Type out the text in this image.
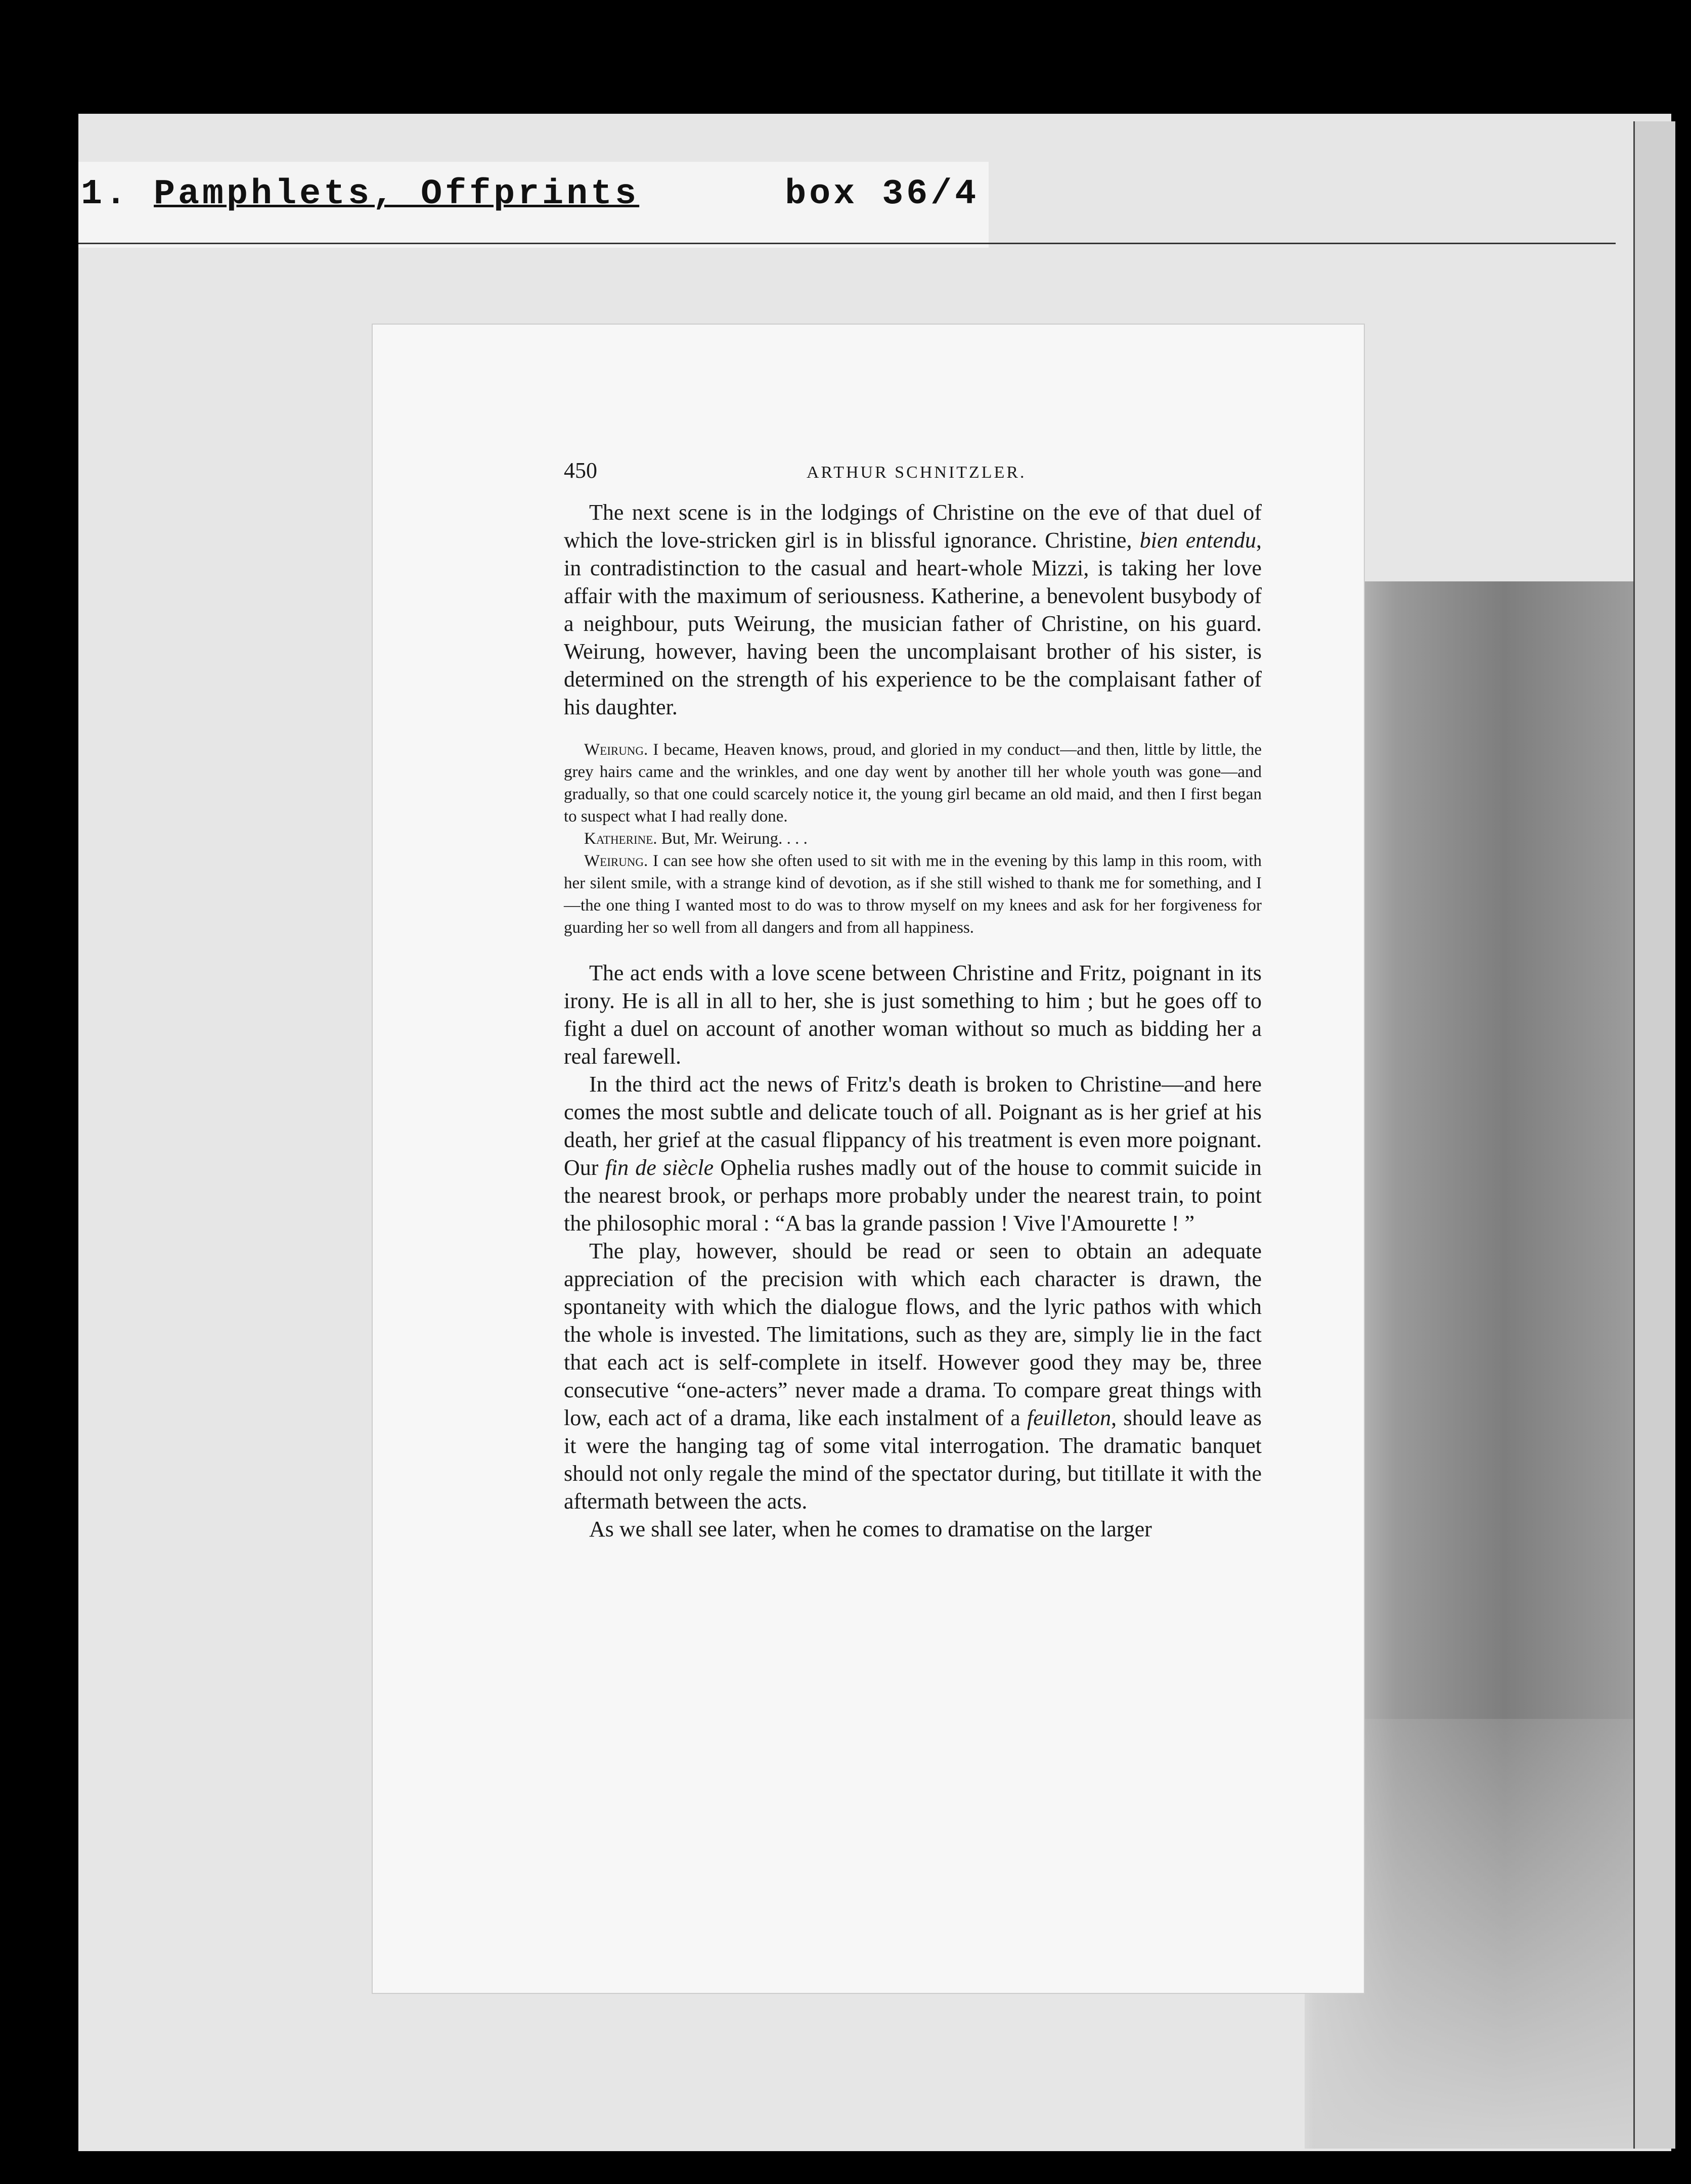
1. Pamphlets, Offprints	box 36/4
450	ARTHUR SCHNITZLER.

The next scene is in the lodgings of Christine on the eve of that duel of which the love-stricken girl is in blissful ignorance. Christine, bien entendu, in contradistinction to the casual and heart-whole Mizzi, is taking her love affair with the maximum of seriousness. Katherine, a benevolent busybody of a neighbour, puts Weirung, the musician father of Christine, on his guard. Weirung, however, having been the uncomplaisant brother of his sister, is determined on the strength of his experience to be the complaisant father of his daughter.

Weirung. I became, Heaven knows, proud, and gloried in my conduct—and then, little by little, the grey hairs came and the wrinkles, and one day went by another till her whole youth was gone—and gradually, so that one could scarcely notice it, the young girl became an old maid, and then I first began to suspect what I had really done.

Katherine. But, Mr. Weirung. . . .

Weirung. I can see how she often used to sit with me in the evening by this lamp in this room, with her silent smile, with a strange kind of devotion, as if she still wished to thank me for something, and I—the one thing I wanted most to do was to throw myself on my knees and ask for her forgiveness for guarding her so well from all dangers and from all happiness.

The act ends with a love scene between Christine and Fritz, poignant in its irony. He is all in all to her, she is just something to him ; but he goes off to fight a duel on account of another woman without so much as bidding her a real farewell.

In the third act the news of Fritz's death is broken to Christine—and here comes the most subtle and delicate touch of all. Poignant as is her grief at his death, her grief at the casual flippancy of his treatment is even more poignant. Our fin de siècle Ophelia rushes madly out of the house to commit suicide in the nearest brook, or perhaps more probably under the nearest train, to point the philosophic moral : “A bas la grande passion ! Vive l'Amourette ! ”

The play, however, should be read or seen to obtain an adequate appreciation of the precision with which each character is drawn, the spontaneity with which the dialogue flows, and the lyric pathos with which the whole is invested. The limitations, such as they are, simply lie in the fact that each act is self-complete in itself. However good they may be, three consecutive “one-acters” never made a drama. To compare great things with low, each act of a drama, like each instalment of a feuilleton, should leave as it were the hanging tag of some vital interrogation. The dramatic banquet should not only regale the mind of the spectator during, but titillate it with the aftermath between the acts.

As we shall see later, when he comes to dramatise on the larger
